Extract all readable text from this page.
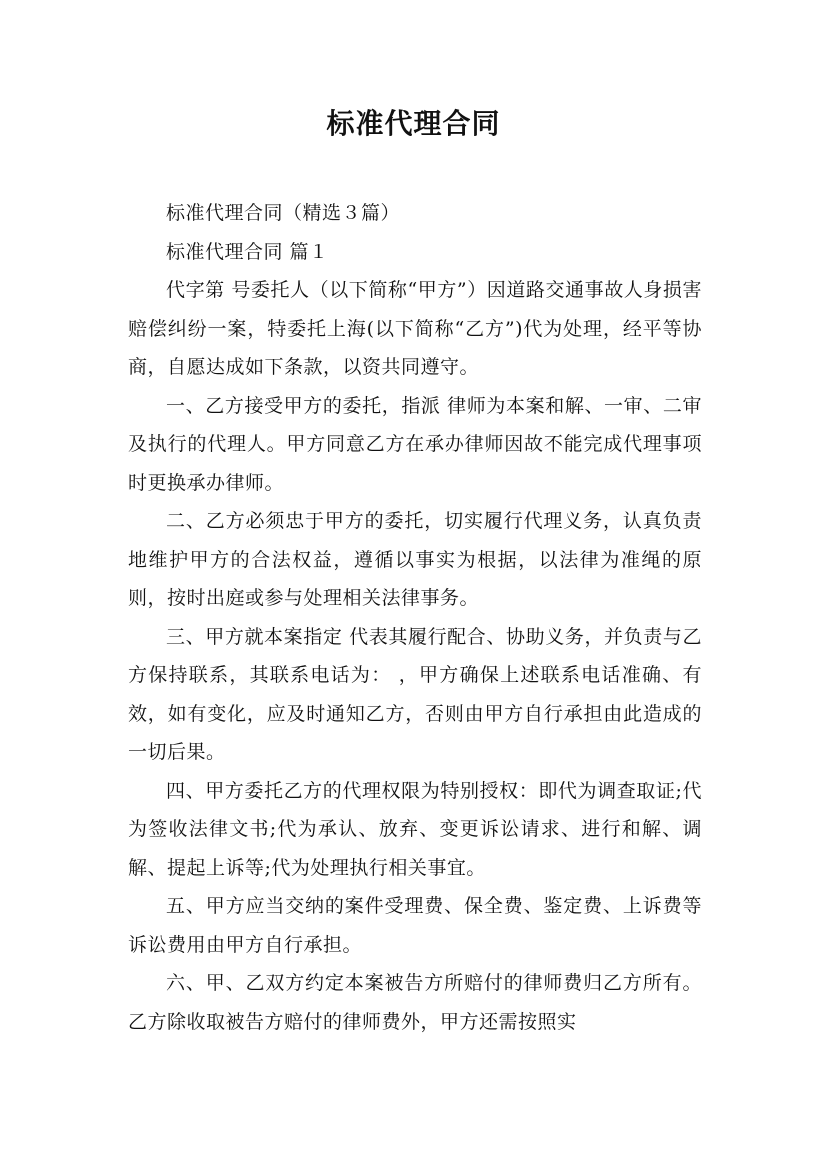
标准代理合同

标准代理合同（精选３篇）

标准代理合同 篇１

代字第 号委托人（以下简称“甲方”）因道路交通事故人身损害赔偿纠纷一案，特委托上海(以下简称“乙方”)代为处理，经平等协商，自愿达成如下条款，以资共同遵守。

一、乙方接受甲方的委托，指派 律师为本案和解、一审、二审及执行的代理人。甲方同意乙方在承办律师因故不能完成代理事项时更换承办律师。

二、乙方必须忠于甲方的委托，切实履行代理义务，认真负责地维护甲方的合法权益，遵循以事实为根据，以法律为准绳的原则，按时出庭或参与处理相关法律事务。

三、甲方就本案指定 代表其履行配合、协助义务，并负责与乙方保持联系，其联系电话为： ，甲方确保上述联系电话准确、有效，如有变化，应及时通知乙方，否则由甲方自行承担由此造成的一切后果。

四、甲方委托乙方的代理权限为特别授权：即代为调查取证;代为签收法律文书;代为承认、放弃、变更诉讼请求、进行和解、调解、提起上诉等;代为处理执行相关事宜。

五、甲方应当交纳的案件受理费、保全费、鉴定费、上诉费等诉讼费用由甲方自行承担。

六、甲、乙双方约定本案被告方所赔付的律师费归乙方所有。乙方除收取被告方赔付的律师费外，甲方还需按照实
